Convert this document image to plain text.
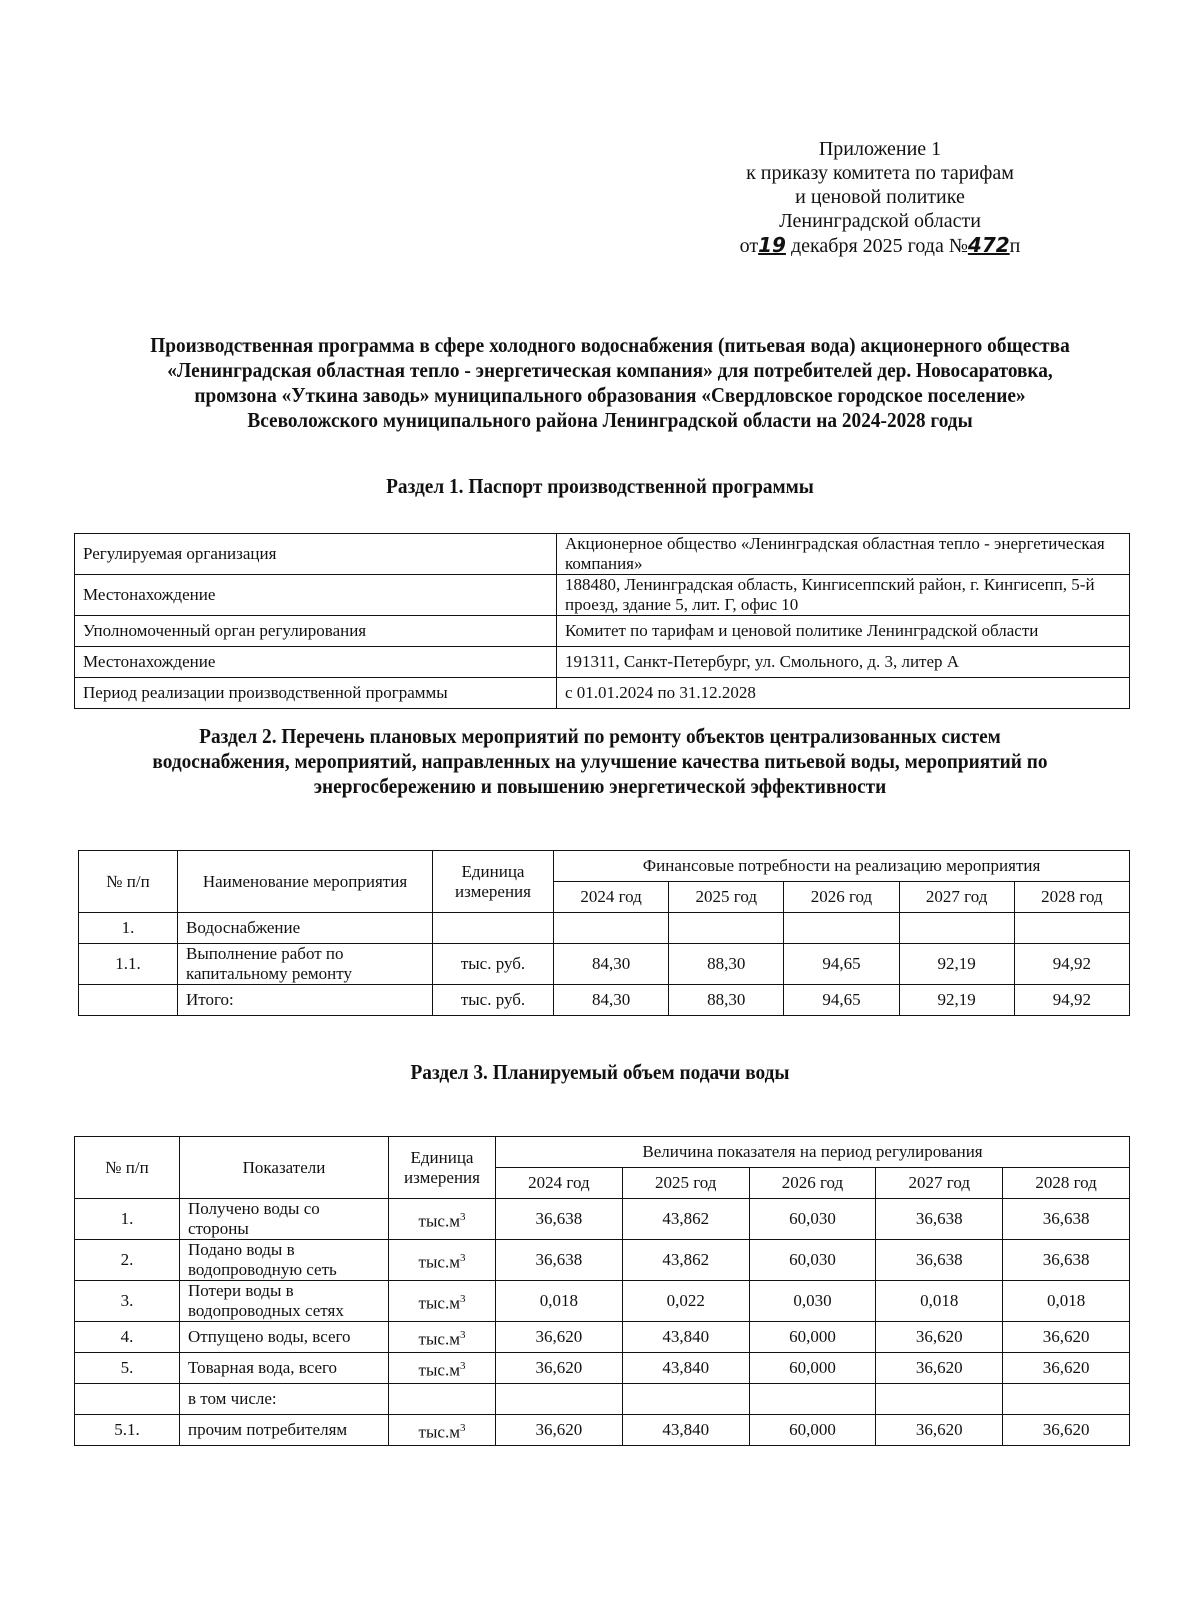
Приложение 1
к приказу комитета по тарифам
и ценовой политике
Ленинградской области
от19 декабря 2025 года №472п
Производственная программа в сфере холодного водоснабжения (питьевая вода) акционерного общества «Ленинградская областная тепло - энергетическая компания» для потребителей дер. Новосаратовка, промзона «Уткина заводь» муниципального образования «Свердловское городское поселение» Всеволожского муниципального района Ленинградской области на 2024-2028 годы
Раздел 1. Паспорт производственной программы
Регулируемая организация	Акционерное общество «Ленинградская областная тепло - энергетическая компания»
Местонахождение	188480, Ленинградская область, Кингисеппский район, г. Кингисепп, 5-й проезд, здание 5, лит. Г, офис 10
Уполномоченный орган регулирования	Комитет по тарифам и ценовой политике Ленинградской области
Местонахождение	191311, Санкт-Петербург, ул. Смольного, д. 3, литер А
Период реализации производственной программы	с 01.01.2024 по 31.12.2028
Раздел 2. Перечень плановых мероприятий по ремонту объектов централизованных систем водоснабжения, мероприятий, направленных на улучшение качества питьевой воды, мероприятий по энергосбережению и повышению энергетической эффективности
№ п/п	Наименование мероприятия	Единица измерения	Финансовые потребности на реализацию мероприятия				
			2024 год	2025 год	2026 год	2027 год	2028 год
1.	Водоснабжение						
1.1.	Выполнение работ по капитальному ремонту	тыс. руб.	84,30	88,30	94,65	92,19	94,92
	Итого:	тыс. руб.	84,30	88,30	94,65	92,19	94,92
Раздел 3. Планируемый объем подачи воды
№ п/п	Показатели	Единица измерения	Величина показателя на период регулирования				
			2024 год	2025 год	2026 год	2027 год	2028 год
1.	Получено воды со стороны	$тыс.м^3$	36,638	43,862	60,030	36,638	36,638
2.	Подано воды в водопроводную сеть	$тыс.м^3$	36,638	43,862	60,030	36,638	36,638
3.	Потери воды в водопроводных сетях	$тыс.м^3$	0,018	0,022	0,030	0,018	0,018
4.	Отпущено воды, всего	$тыс.м^3$	36,620	43,840	60,000	36,620	36,620
5.	Товарная вода, всего	$тыс.м^3$	36,620	43,840	60,000	36,620	36,620
	в том числе:						
5.1.	прочим потребителям	$тыс.м^3$	36,620	43,840	60,000	36,620	36,620
